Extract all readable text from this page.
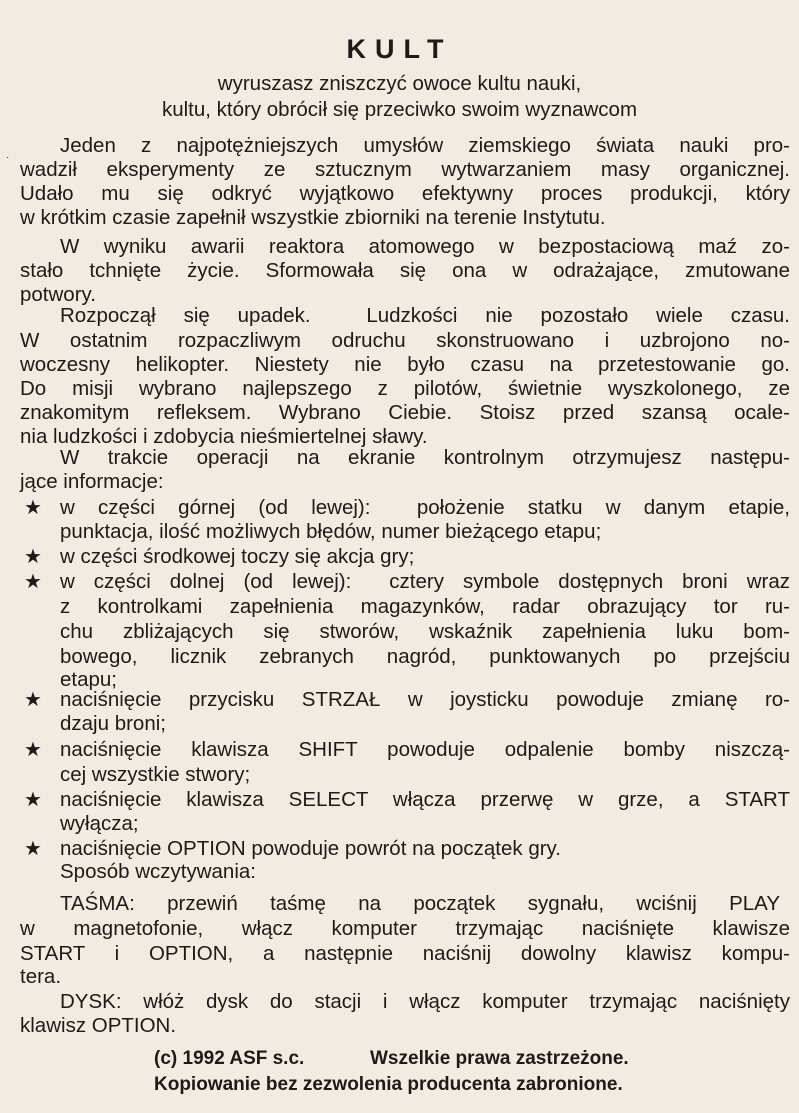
KULT
wyruszasz zniszczyć owoce kultu nauki,
kultu, który obrócił się przeciwko swoim wyznawcom
·
Jeden z najpotężniejszych umysłów ziemskiego świata nauki pro-
wadził eksperymenty ze sztucznym wytwarzaniem masy organicznej.
Udało mu się odkryć wyjątkowo efektywny proces produkcji, który
w krótkim czasie zapełnił wszystkie zbiorniki na terenie Instytutu.
W wyniku awarii reaktora atomowego w bezpostaciową maź zo-
stało tchnięte życie. Sformowała się ona w odrażające, zmutowane
potwory.
Rozpoczął się upadek.  Ludzkości nie pozostało wiele czasu.
W ostatnim rozpaczliwym odruchu skonstruowano i uzbrojono no-
woczesny helikopter. Niestety nie było czasu na przetestowanie go.
Do misji wybrano najlepszego z pilotów, świetnie wyszkolonego, ze
znakomitym refleksem. Wybrano Ciebie. Stoisz przed szansą ocale-
nia ludzkości i zdobycia nieśmiertelnej sławy.
W trakcie operacji na ekranie kontrolnym otrzymujesz następu-
jące informacje:
★ w części górnej (od lewej):  położenie statku w danym etapie,
punktacja, ilość możliwych błędów, numer bieżącego etapu;
★ w części środkowej toczy się akcja gry;
★ w części dolnej (od lewej):  cztery symbole dostępnych broni wraz
z kontrolkami zapełnienia magazynków, radar obrazujący tor ru-
chu zbliżających się stworów, wskaźnik zapełnienia luku bom-
bowego, licznik zebranych nagród, punktowanych po przejściu
etapu;
★ naciśnięcie przycisku STRZAŁ w joysticku powoduje zmianę ro-
dzaju broni;
★ naciśnięcie klawisza SHIFT powoduje odpalenie bomby niszczą-
cej wszystkie stwory;
★ naciśnięcie klawisza SELECT włącza przerwę w grze, a START
wyłącza;
★ naciśnięcie OPTION powoduje powrót na początek gry.
Sposób wczytywania:
TAŚMA: przewiń taśmę na początek sygnału, wciśnij PLAY
w magnetofonie, włącz komputer trzymając naciśnięte klawisze
START i OPTION, a następnie naciśnij dowolny klawisz kompu-
tera.
DYSK: włóż dysk do stacji i włącz komputer trzymając naciśnięty
klawisz OPTION.
(c) 1992 ASF s.c.	Wszelkie prawa zastrzeżone.
Kopiowanie bez zezwolenia producenta zabronione.
